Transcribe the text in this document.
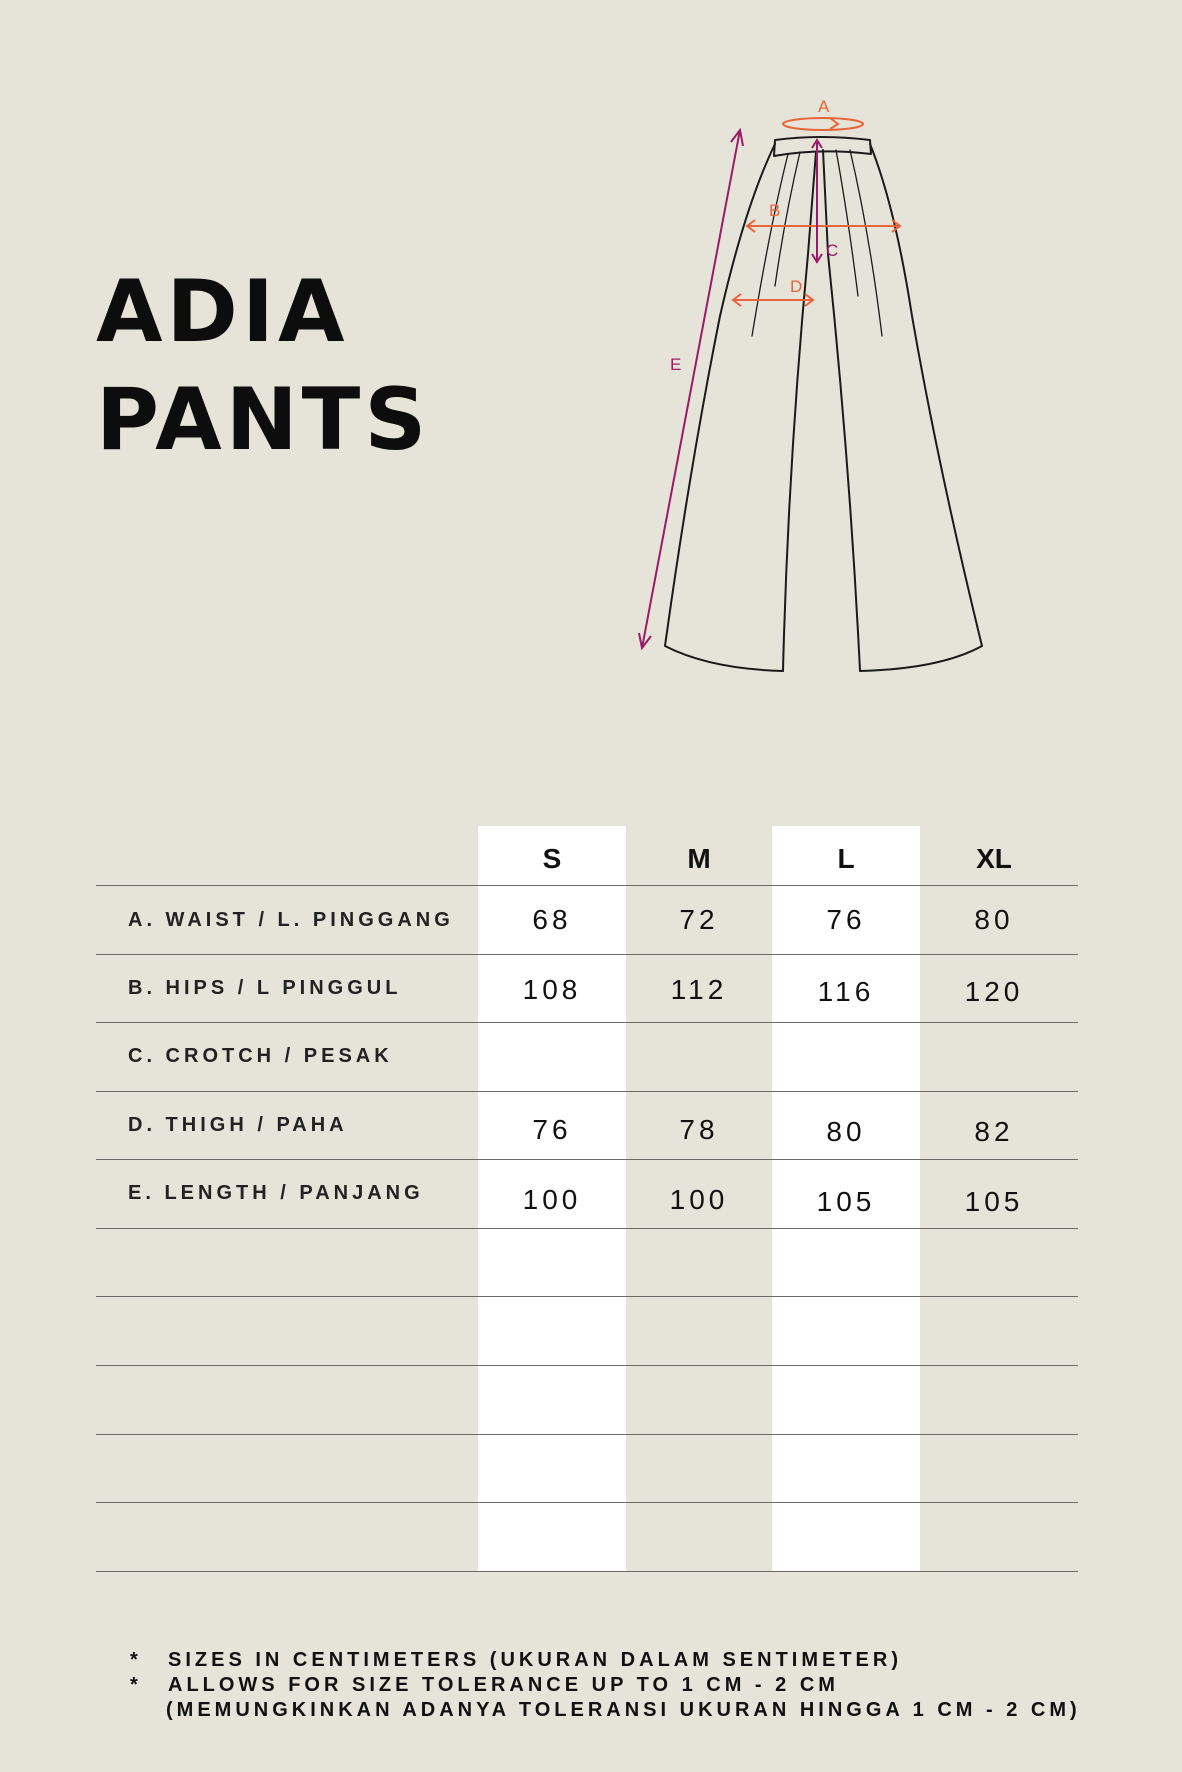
ADIA
PANTS
A
B
C
D
E
S	M	L	XL
A. WAIST / L. PINGGANG	68	72	76	80
B. HIPS / L PINGGUL	108	112	116	120
C. CROTCH / PESAK
D. THIGH / PAHA	76	78	80	82
E. LENGTH / PANJANG	100	100	105	105
* SIZES IN CENTIMETERS (UKURAN DALAM SENTIMETER)
* ALLOWS FOR SIZE TOLERANCE UP TO 1 CM - 2 CM
(MEMUNGKINKAN ADANYA TOLERANSI UKURAN HINGGA 1 CM - 2 CM)
